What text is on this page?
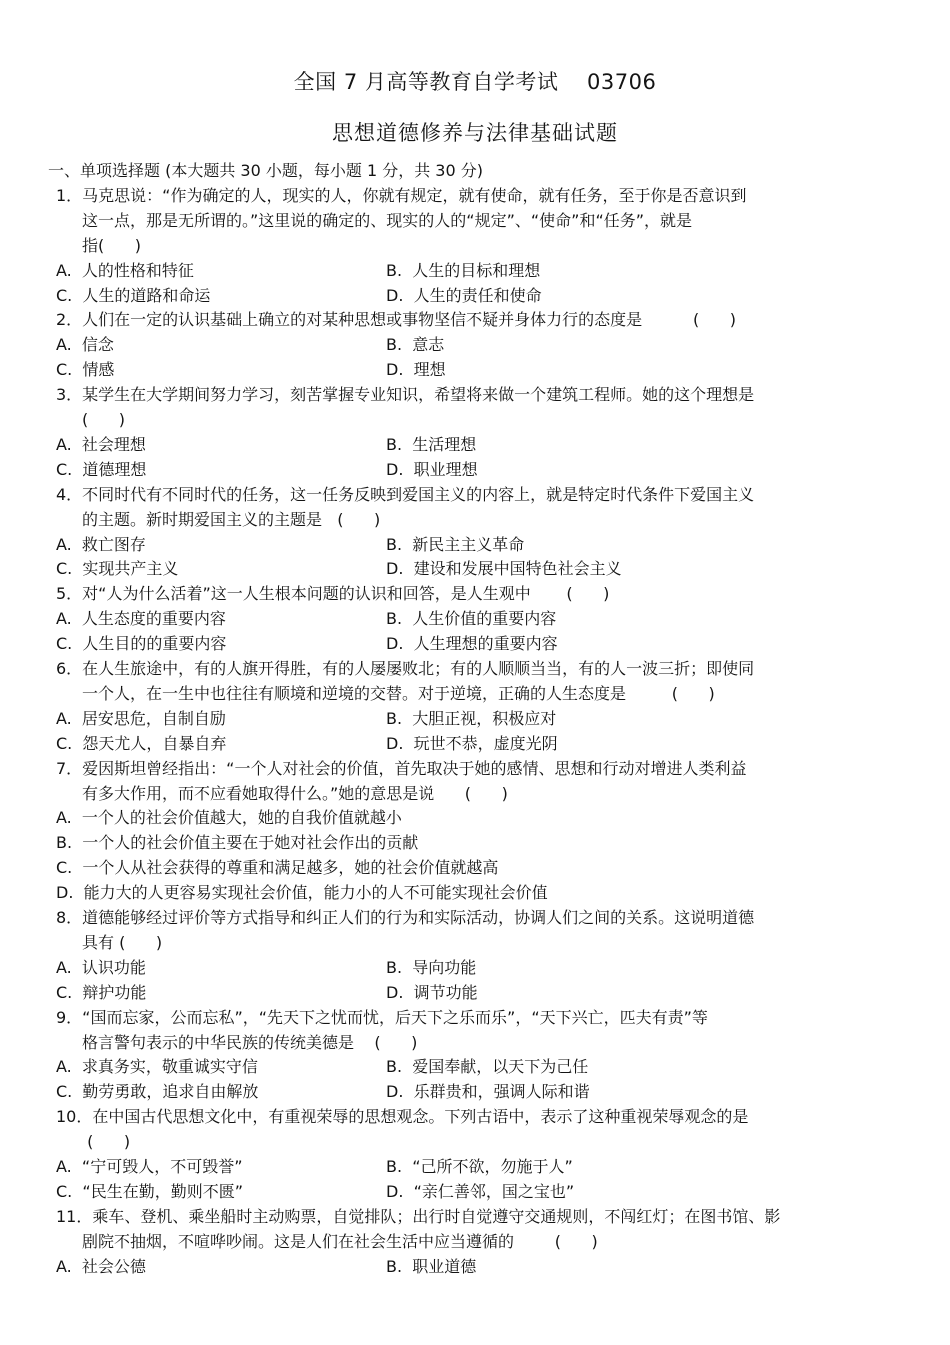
全国 7 月高等教育自学考试    03706
思想道德修养与法律基础试题
一、单项选择题 (本大题共 30 小题，每小题 1 分，共 30 分)
1．马克思说：“作为确定的人，现实的人，你就有规定，就有使命，就有任务，至于你是否意识到
这一点，那是无所谓的。”这里说的确定的、现实的人的“规定”、“使命”和“任务”，就是
指(      )
A.  人的性格和特征	B.  人生的目标和理想
C.  人生的道路和命运	D.  人生的责任和使命
2．人们在一定的认识基础上确立的对某种思想或事物坚信不疑并身体力行的态度是          (      )
A.  信念	B.  意志
C.  情感	D.  理想
3．某学生在大学期间努力学习，刻苦掌握专业知识，希望将来做一个建筑工程师。她的这个理想是
(      )
A.  社会理想	B.  生活理想
C.  道德理想	D.  职业理想
4．不同时代有不同时代的任务，这一任务反映到爱国主义的内容上，就是特定时代条件下爱国主义
的主题。新时期爱国主义的主题是   (      )
A.  救亡图存	B.  新民主主义革命
C.  实现共产主义	D.  建设和发展中国特色社会主义
5．对“人为什么活着”这一人生根本问题的认识和回答，是人生观中       (      )
A.  人生态度的重要内容	B.  人生价值的重要内容
C.  人生目的的重要内容	D.  人生理想的重要内容
6．在人生旅途中，有的人旗开得胜，有的人屡屡败北；有的人顺顺当当，有的人一波三折；即使同
一个人，在一生中也往往有顺境和逆境的交替。对于逆境，正确的人生态度是         (      )
A.  居安思危，自制自励	B.  大胆正视，积极应对
C.  怨天尤人，自暴自弃	D.  玩世不恭，虚度光阴
7．爱因斯坦曾经指出：“一个人对社会的价值，首先取决于她的感情、思想和行动对增进人类利益
有多大作用，而不应看她取得什么。”她的意思是说      (      )
A.  一个人的社会价值越大，她的自我价值就越小
B.  一个人的社会价值主要在于她对社会作出的贡献
C.  一个人从社会获得的尊重和满足越多，她的社会价值就越高
D.  能力大的人更容易实现社会价值，能力小的人不可能实现社会价值
8．道德能够经过评价等方式指导和纠正人们的行为和实际活动，协调人们之间的关系。这说明道德
具有 (      )
A.  认识功能	B.  导向功能
C.  辩护功能	D.  调节功能
9．“国而忘家，公而忘私”，“先天下之忧而忧，后天下之乐而乐”，“天下兴亡，匹夫有责”等
格言警句表示的中华民族的传统美德是    (      )
A.  求真务实，敬重诚实守信	B.  爱国奉献，以天下为己任
C.  勤劳勇敢，追求自由解放	D.  乐群贵和，强调人际和谐
10．在中国古代思想文化中，有重视荣辱的思想观念。下列古语中，表示了这种重视荣辱观念的是
(      )
A.  “宁可毁人，不可毁誉”	B.  “己所不欲，勿施于人”
C.  “民生在勤，勤则不匮”	D.  “亲仁善邻，国之宝也”
11．乘车、登机、乘坐船时主动购票，自觉排队；出行时自觉遵守交通规则，不闯红灯；在图书馆、影
剧院不抽烟，不喧哗吵闹。这是人们在社会生活中应当遵循的        (      )
A.  社会公德	B.  职业道德
